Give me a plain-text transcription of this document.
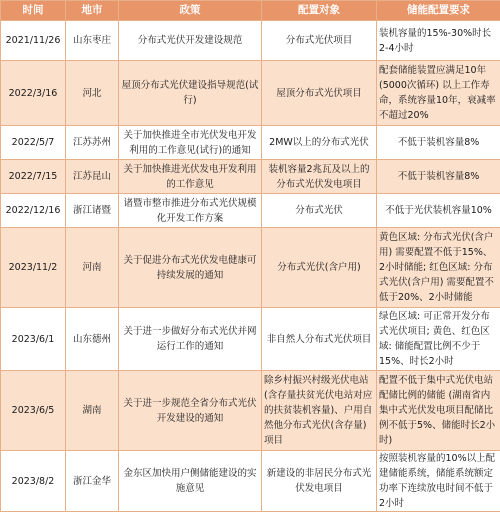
时间	地市	政策	配置对象	储能配置要求
2021/11/26	山东枣庄	分布式光伏开发建设规范	分布式光伏项目	装机容量的15%-30%时长2-4小时
2022/3/16	河北	屋顶分布式光伏建设指导规范(试行)	屋顶分布式光伏项目	配套储能装置应满足10年(5000次循环) 以上工作寿命，系统容量10年，衰减率不超过20%
2022/5/7	江苏苏州	关于加快推进全市光伏发电开发利用的工作意见(试行)的通知	2MW以上的分布式光伏	不低于装机容量8%
2022/7/15	江苏昆山	关于加快推进光伏发电开发利用的工作意见	装机容量2兆瓦及以上的分布式光伏发电项目	不低于装机容量8%
2022/12/16	浙江诸暨	诸暨市整市推进分布式光伏规模化开发工作方案	分布式光伏	不低于光伏装机容量10%
2023/11/2	河南	关于促进分布式光伏发电健康可持续发展的通知	分布式光伏(含户用)	黄色区域: 分布式光伏(含户用) 需要配置不低于15%、2小时储能; 红色区域: 分布式光伏(含户用) 需要配置不低于20%、2小时储能
2023/6/1	山东德州	关于进一步做好分布式光伏并网运行工作的通知	非自然人分布式光伏项目	绿色区域: 可正常开发分布式光伏项目; 黄色、红色区域: 储能配置比例不少于15%、时长2小时
2023/6/5	湖南	关于进一步规范全省分布式光伏开发建设的通知	除乡村振兴村级光伏电站(含存量扶贫光伏电站对应的扶贫装机容量)、户用自然他分布式光伏(含存量) 项目	配置不低于集中式光伏电站配储比例的储能 (湖南省内集中式光伏发电项目配储比例不低于5%、储能时长2小时)
2023/8/2	浙江金华	金东区加快用户侧储能建设的实施意见	新建设的非居民分布式光伏发电项目	按照装机容量的10%以上配建储能系统，储能系统额定功率下连续放电时间不低于2小时
